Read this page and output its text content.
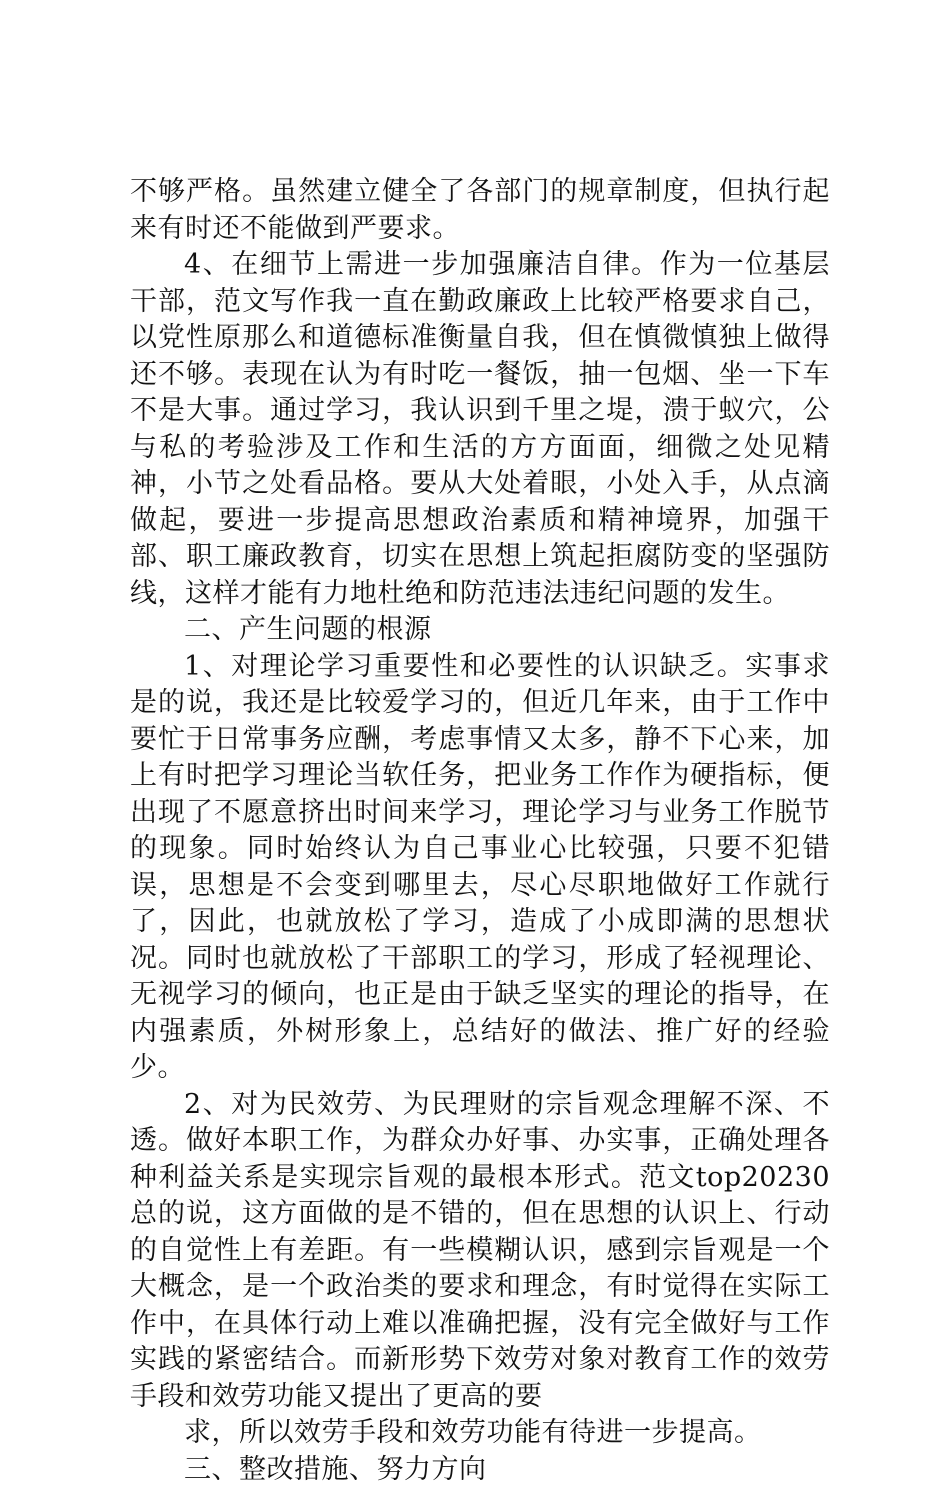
不够严格。虽然建立健全了各部门的规章制度，但执行起来有时还不能做到严要求。

4、在细节上需进一步加强廉洁自律。作为一位基层干部，范文写作我一直在勤政廉政上比较严格要求自己，以党性原那么和道德标准衡量自我，但在慎微慎独上做得还不够。表现在认为有时吃一餐饭，抽一包烟、坐一下车不是大事。通过学习，我认识到千里之堤，溃于蚁穴，公与私的考验涉及工作和生活的方方面面，细微之处见精神，小节之处看品格。要从大处着眼，小处入手，从点滴做起，要进一步提高思想政治素质和精神境界，加强干部、职工廉政教育，切实在思想上筑起拒腐防变的坚强防线，这样才能有力地杜绝和防范违法违纪问题的发生。

二、产生问题的根源

1、对理论学习重要性和必要性的认识缺乏。实事求是的说，我还是比较爱学习的，但近几年来，由于工作中要忙于日常事务应酬，考虑事情又太多，静不下心来，加上有时把学习理论当软任务，把业务工作作为硬指标，便出现了不愿意挤出时间来学习，理论学习与业务工作脱节的现象。同时始终认为自己事业心比较强，只要不犯错误，思想是不会变到哪里去，尽心尽职地做好工作就行了，因此，也就放松了学习，造成了小成即满的思想状况。同时也就放松了干部职工的学习，形成了轻视理论、无视学习的倾向，也正是由于缺乏坚实的理论的指导，在内强素质，外树形象上，总结好的做法、推广好的经验少。

2、对为民效劳、为民理财的宗旨观念理解不深、不透。做好本职工作，为群众办好事、办实事，正确处理各种利益关系是实现宗旨观的最根本形式。范文top20230总的说，这方面做的是不错的，但在思想的认识上、行动的自觉性上有差距。有一些模糊认识，感到宗旨观是一个大概念，是一个政治类的要求和理念，有时觉得在实际工作中，在具体行动上难以准确把握，没有完全做好与工作实践的紧密结合。而新形势下效劳对象对教育工作的效劳手段和效劳功能又提出了更高的要

求，所以效劳手段和效劳功能有待进一步提高。

三、整改措施、努力方向
